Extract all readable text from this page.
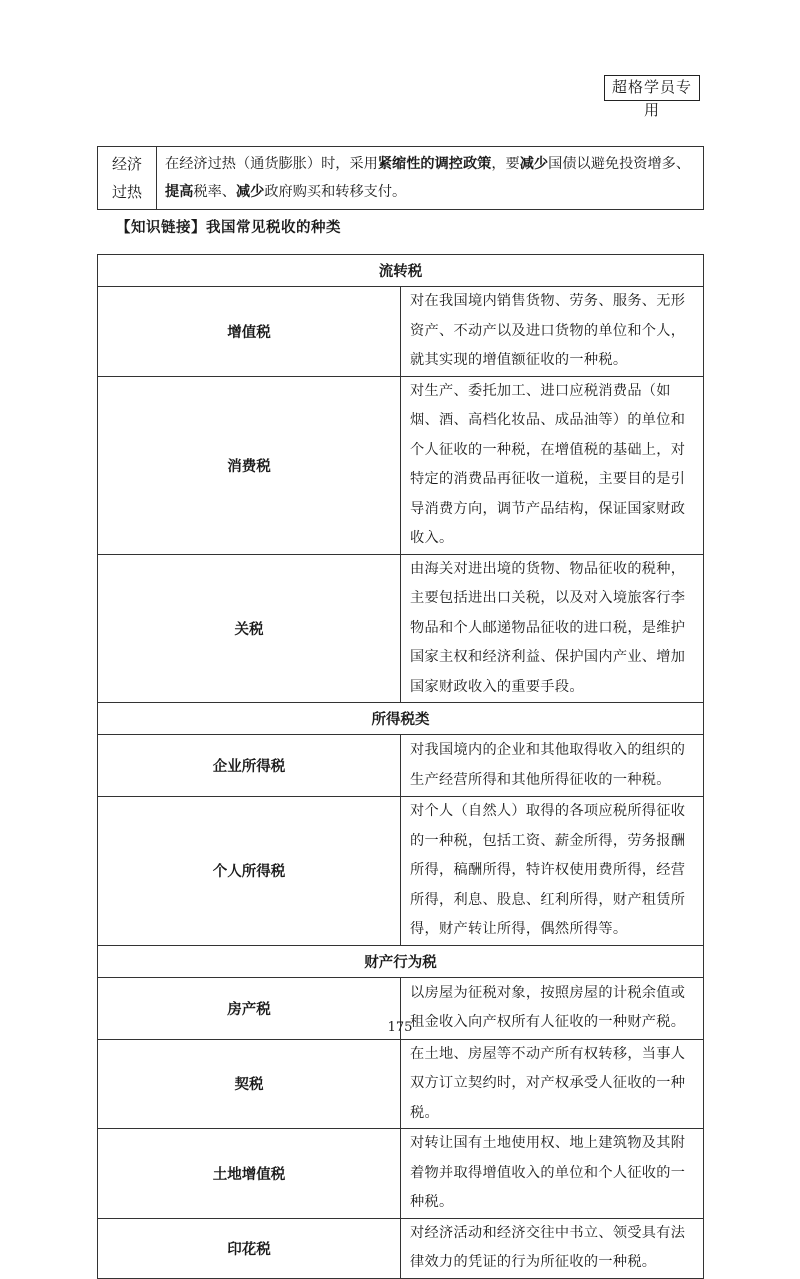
超格学员专用
经济
过热	在经济过热（通货膨胀）时，采用紧缩性的调控政策，要减少国债以避免投资增多、提高税率、减少政府购买和转移支付。
【知识链接】我国常见税收的种类
流转税	
增值税	对在我国境内销售货物、劳务、服务、无形资产、不动产以及进口货物的单位和个人，就其实现的增值额征收的一种税。
消费税	对生产、委托加工、进口应税消费品（如烟、酒、高档化妆品、成品油等）的单位和个人征收的一种税，在增值税的基础上，对特定的消费品再征收一道税，主要目的是引导消费方向，调节产品结构，保证国家财政收入。
关税	由海关对进出境的货物、物品征收的税种，主要包括进出口关税，以及对入境旅客行李物品和个人邮递物品征收的进口税，是维护国家主权和经济利益、保护国内产业、增加国家财政收入的重要手段。
所得税类	
企业所得税	对我国境内的企业和其他取得收入的组织的生产经营所得和其他所得征收的一种税。
个人所得税	对个人（自然人）取得的各项应税所得征收的一种税，包括工资、薪金所得，劳务报酬所得，稿酬所得，特许权使用费所得，经营所得，利息、股息、红利所得，财产租赁所得，财产转让所得，偶然所得等。
财产行为税	
房产税	以房屋为征税对象，按照房屋的计税余值或租金收入向产权所有人征收的一种财产税。
契税	在土地、房屋等不动产所有权转移，当事人双方订立契约时，对产权承受人征收的一种税。
土地增值税	对转让国有土地使用权、地上建筑物及其附着物并取得增值收入的单位和个人征收的一种税。
印花税	对经济活动和经济交往中书立、领受具有法律效力的凭证的行为所征收的一种税。
175
